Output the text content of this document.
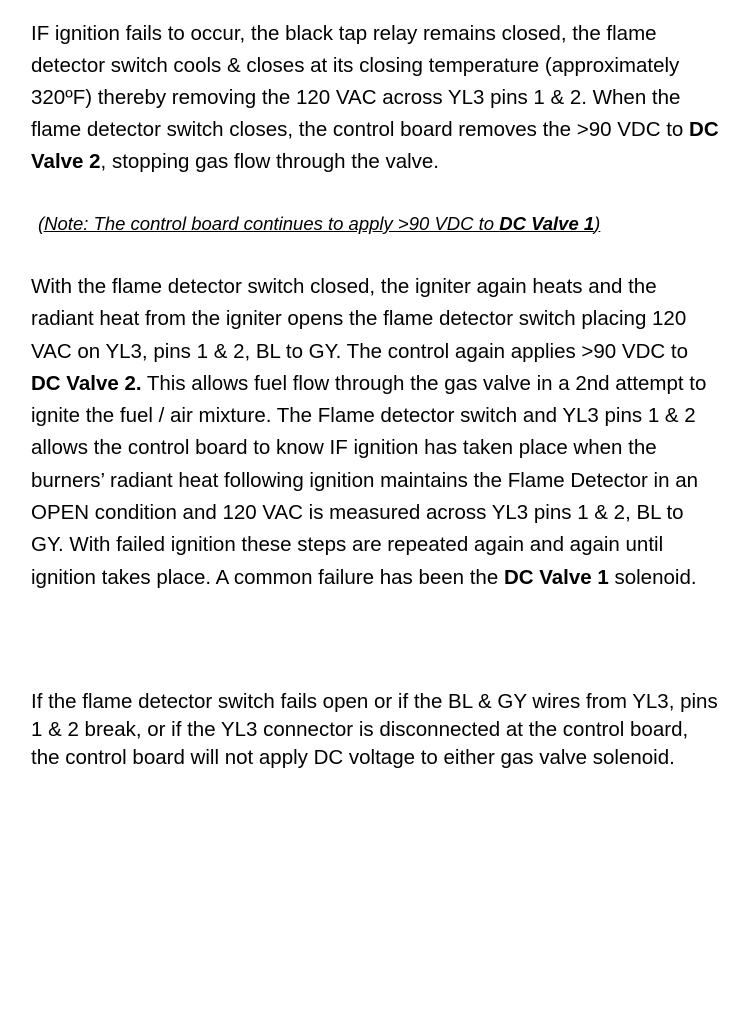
IF ignition fails to occur, the black tap relay remains closed, the flame detector switch cools & closes at its closing temperature (approximately 320ºF) thereby removing the 120 VAC across YL3 pins 1 & 2. When the flame detector switch closes, the control board removes the >90 VDC to DC Valve 2, stopping gas flow through the valve.

(Note: The control board continues to apply >90 VDC to DC Valve 1)

With the flame detector switch closed, the igniter again heats and the radiant heat from the igniter opens the flame detector switch placing 120 VAC on YL3, pins 1 & 2, BL to GY. The control again applies >90 VDC to DC Valve 2. This allows fuel flow through the gas valve in a 2nd attempt to ignite the fuel / air mixture. The Flame detector switch and YL3 pins 1 & 2 allows the control board to know IF ignition has taken place when the burners’ radiant heat following ignition maintains the Flame Detector in an OPEN condition and 120 VAC is measured across YL3 pins 1 & 2, BL to GY. With failed ignition these steps are repeated again and again until ignition takes place. A common failure has been the DC Valve 1 solenoid.

If the flame detector switch fails open or if the BL & GY wires from YL3, pins 1 & 2 break, or if the YL3 connector is disconnected at the control board, the control board will not apply DC voltage to either gas valve solenoid.
